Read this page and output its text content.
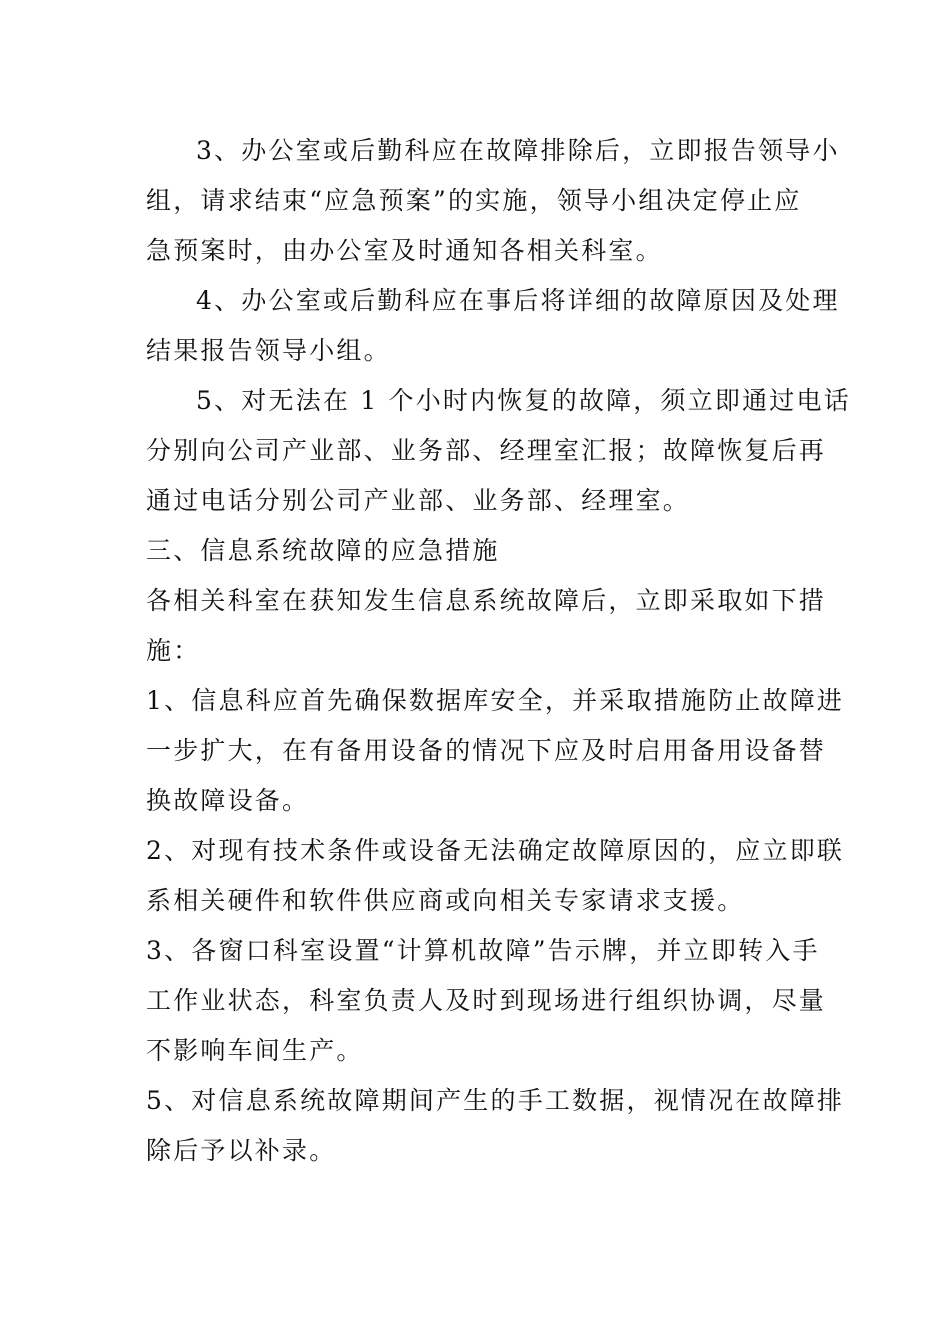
3、办公室或后勤科应在故障排除后，立即报告领导小
组，请求结束“应急预案”的实施，领导小组决定停止应
急预案时，由办公室及时通知各相关科室。
4、办公室或后勤科应在事后将详细的故障原因及处理
结果报告领导小组。
5、对无法在 1 个小时内恢复的故障，须立即通过电话
分别向公司产业部、业务部、经理室汇报；故障恢复后再
通过电话分别公司产业部、业务部、经理室。
三、信息系统故障的应急措施
各相关科室在获知发生信息系统故障后，立即采取如下措
施：
1、信息科应首先确保数据库安全，并采取措施防止故障进
一步扩大，在有备用设备的情况下应及时启用备用设备替
换故障设备。
2、对现有技术条件或设备无法确定故障原因的，应立即联
系相关硬件和软件供应商或向相关专家请求支援。
3、各窗口科室设置“计算机故障”告示牌，并立即转入手
工作业状态，科室负责人及时到现场进行组织协调，尽量
不影响车间生产。
5、对信息系统故障期间产生的手工数据，视情况在故障排
除后予以补录。
